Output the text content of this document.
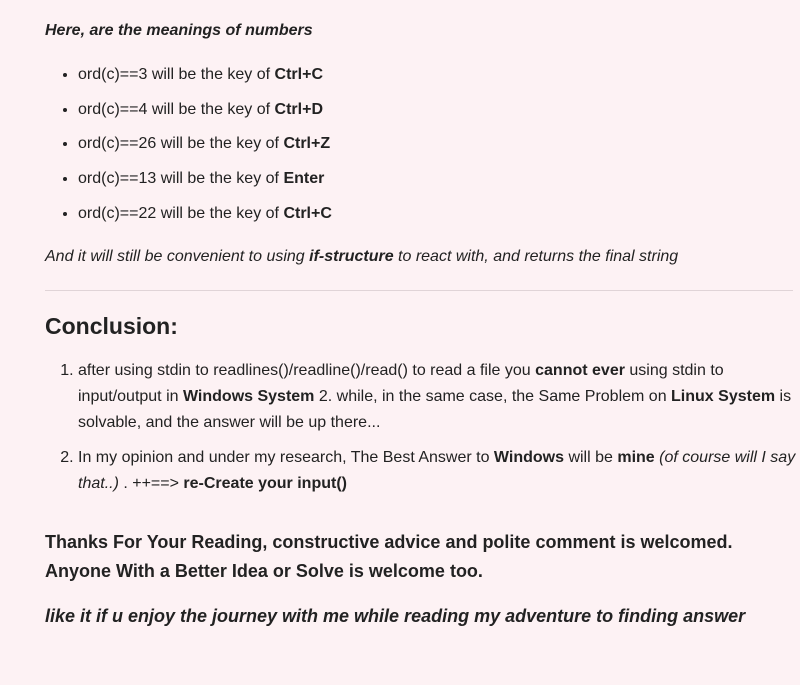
Here, are the meanings of numbers

• ord(c)==3 will be the key of Ctrl+C
• ord(c)==4 will be the key of Ctrl+D
• ord(c)==26 will be the key of Ctrl+Z
• ord(c)==13 will be the key of Enter
• ord(c)==22 will be the key of Ctrl+C

And it will still be convenient to using if-structure to react with, and returns the final string

Conclusion:
1. after using stdin to readlines()/readline()/read() to read a file you cannot ever using stdin to input/output in Windows System 2. while, in the same case, the Same Problem on Linux System is solvable, and the answer will be up there...
2. In my opinion and under my research, The Best Answer to Windows will be mine (of course will I say that..) . ++==> re-Create your input()

Thanks For Your Reading, constructive advice and polite comment is welcomed. Anyone With a Better Idea or Solve is welcome too.

like it if u enjoy the journey with me while reading my adventure to finding answer
